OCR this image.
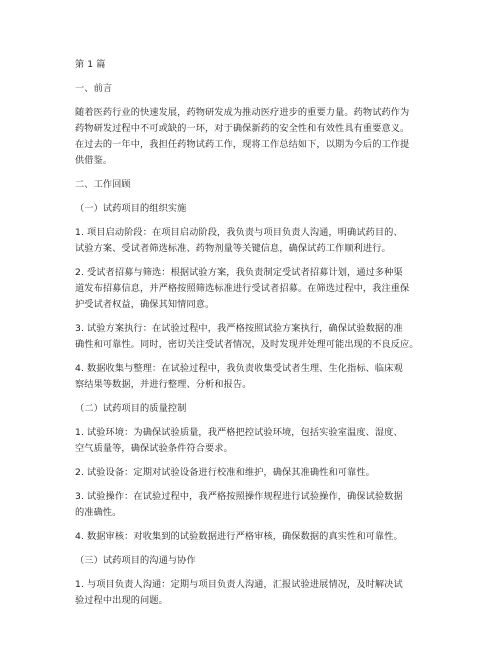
第 1 篇
一、前言
随着医药行业的快速发展，药物研发成为推动医疗进步的重要力量。药物试药作为
药物研发过程中不可或缺的一环，对于确保新药的安全性和有效性具有重要意义。
在过去的一年中，我担任药物试药工作，现将工作总结如下，以期为今后的工作提
供借鉴。
二、工作回顾
（一）试药项目的组织实施
1. 项目启动阶段：在项目启动阶段，我负责与项目负责人沟通，明确试药目的、
试验方案、受试者筛选标准、药物剂量等关键信息，确保试药工作顺利进行。
2. 受试者招募与筛选：根据试验方案，我负责制定受试者招募计划，通过多种渠
道发布招募信息，并严格按照筛选标准进行受试者招募。在筛选过程中，我注重保
护受试者权益，确保其知情同意。
3. 试验方案执行：在试验过程中，我严格按照试验方案执行，确保试验数据的准
确性和可靠性。同时，密切关注受试者情况，及时发现并处理可能出现的不良反应。
4. 数据收集与整理：在试验过程中，我负责收集受试者生理、生化指标、临床观
察结果等数据，并进行整理、分析和报告。
（二）试药项目的质量控制
1. 试验环境：为确保试验质量，我严格把控试验环境，包括实验室温度、湿度、
空气质量等，确保试验条件符合要求。
2. 试验设备：定期对试验设备进行校准和维护，确保其准确性和可靠性。
3. 试验操作：在试验过程中，我严格按照操作规程进行试验操作，确保试验数据
的准确性。
4. 数据审核：对收集到的试验数据进行严格审核，确保数据的真实性和可靠性。
（三）试药项目的沟通与协作
1. 与项目负责人沟通：定期与项目负责人沟通，汇报试验进展情况，及时解决试
验过程中出现的问题。
